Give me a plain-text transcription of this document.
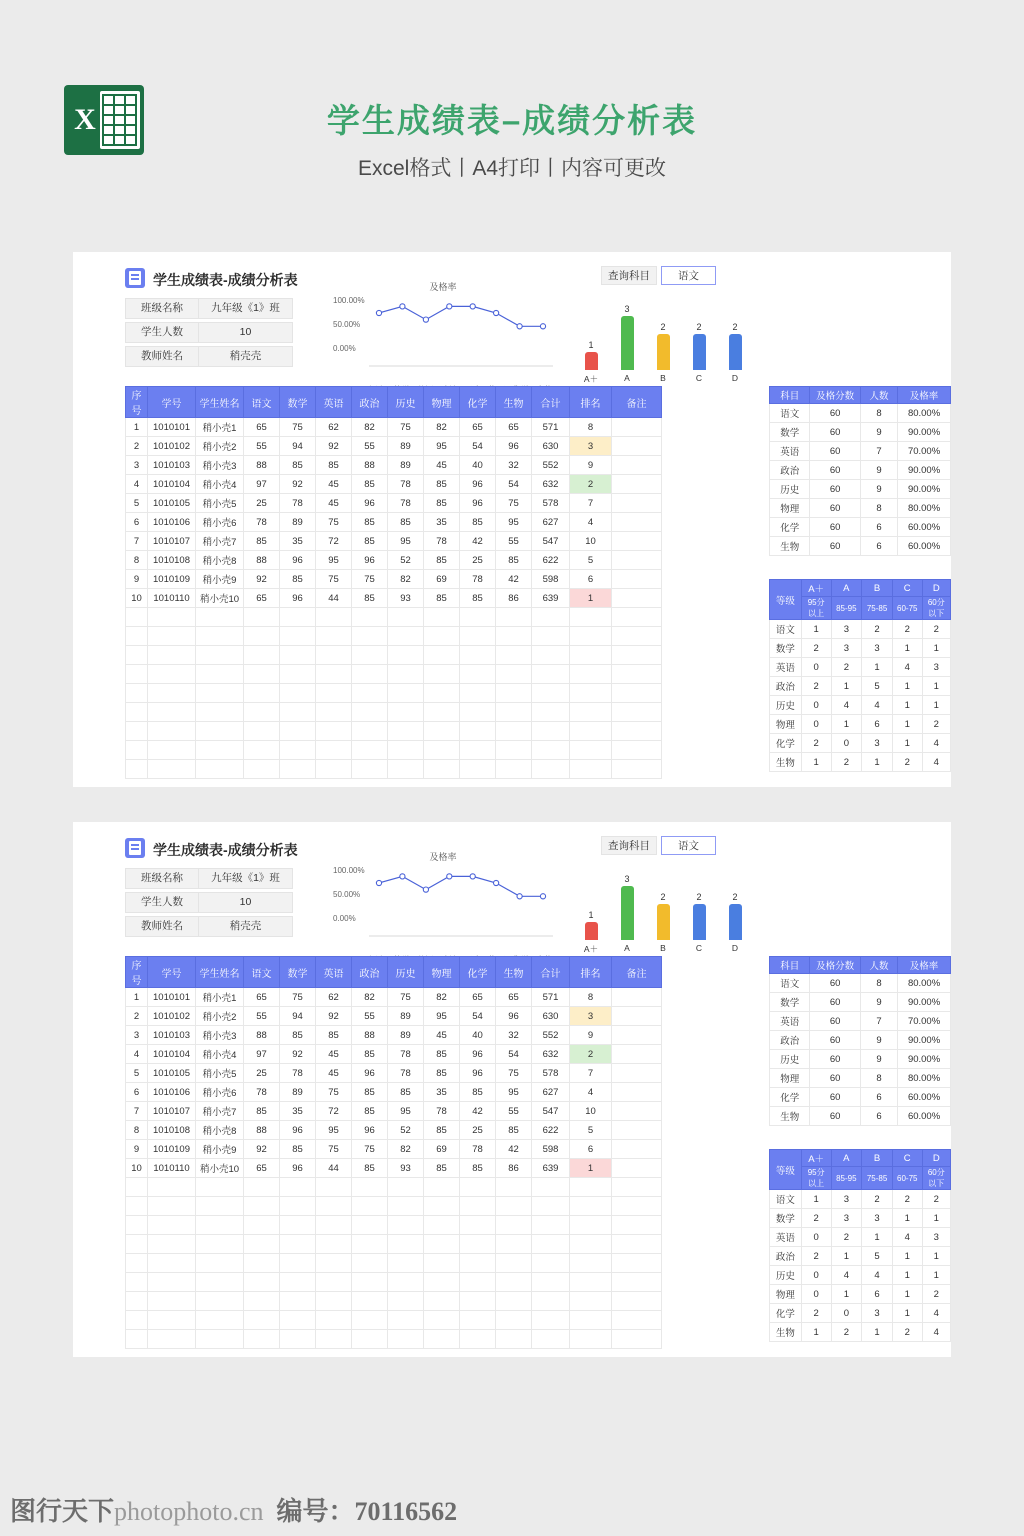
X	学生成绩表–成绩分析表
Excel格式丨A4打印丨内容可更改
学生成绩表-成绩分析表
班级名称	九年级《1》班
学生人数	10
教师姓名	稍壳壳
查询科目	语文
及格率
100.00%
50.00%
0.00%	1
3
2	2	2
A＋	A	B	C	D
序号	学号	学生姓名	语文	数学	英语	政治	历史	物理	化学	生物	合计	排名	备注
1	1010101	稍小壳1	65	75	62	82	75	82	65	65	571	8	
2	1010102	稍小壳2	55	94	92	55	89	95	54	96	630	3	
3	1010103	稍小壳3	88	85	85	88	89	45	40	32	552	9	
4	1010104	稍小壳4	97	92	45	85	78	85	96	54	632	2	
5	1010105	稍小壳5	25	78	45	96	78	85	96	75	578	7	
6	1010106	稍小壳6	78	89	75	85	85	35	85	95	627	4	
7	1010107	稍小壳7	85	35	72	85	95	78	42	55	547	10	
8	1010108	稍小壳8	88	96	95	96	52	85	25	85	622	5	
9	1010109	稍小壳9	92	85	75	75	82	69	78	42	598	6	
10	1010110	稍小壳10	65	96	44	85	93	85	85	86	639	1	

科目	及格分数	人数	及格率
语文	60	8	80.00%
数学	60	9	90.00%
英语	60	7	70.00%
政治	60	9	90.00%
历史	60	9	90.00%
物理	60	8	80.00%
化学	60	6	60.00%
生物	60	6	60.00%
等级	A＋	A	B	C	D
	95分以上	85-95	75-85	60-75	60分以下
语文	1	3	2	2	2
数学	2	3	3	1	1
英语	0	2	1	4	3
政治	2	1	5	1	1
历史	0	4	4	1	1
物理	0	1	6	1	2
化学	2	0	3	1	4
生物	1	2	1	2	4
学生成绩表-成绩分析表
班级名称	九年级《1》班
学生人数	10
教师姓名	稍壳壳
查询科目	语文
及格率
100.00%
50.00%
0.00%	1
3
2	2	2
A＋	A	B	C	D
序号	学号	学生姓名	语文	数学	英语	政治	历史	物理	化学	生物	合计	排名	备注
1	1010101	稍小壳1	65	75	62	82	75	82	65	65	571	8	
2	1010102	稍小壳2	55	94	92	55	89	95	54	96	630	3	
3	1010103	稍小壳3	88	85	85	88	89	45	40	32	552	9	
4	1010104	稍小壳4	97	92	45	85	78	85	96	54	632	2	
5	1010105	稍小壳5	25	78	45	96	78	85	96	75	578	7	
6	1010106	稍小壳6	78	89	75	85	85	35	85	95	627	4	
7	1010107	稍小壳7	85	35	72	85	95	78	42	55	547	10	
8	1010108	稍小壳8	88	96	95	96	52	85	25	85	622	5	
9	1010109	稍小壳9	92	85	75	75	82	69	78	42	598	6	
10	1010110	稍小壳10	65	96	44	85	93	85	85	86	639	1	

科目	及格分数	人数	及格率
语文	60	8	80.00%
数学	60	9	90.00%
英语	60	7	70.00%
政治	60	9	90.00%
历史	60	9	90.00%
物理	60	8	80.00%
化学	60	6	60.00%
生物	60	6	60.00%
等级	A＋	A	B	C	D
	95分以上	85-95	75-85	60-75	60分以下
语文	1	3	2	2	2
数学	2	3	3	1	1
英语	0	2	1	4	3
政治	2	1	5	1	1
历史	0	4	4	1	1
物理	0	1	6	1	2
化学	2	0	3	1	4
生物	1	2	1	2	4
图行天下photophoto.cn 编号：70116562
